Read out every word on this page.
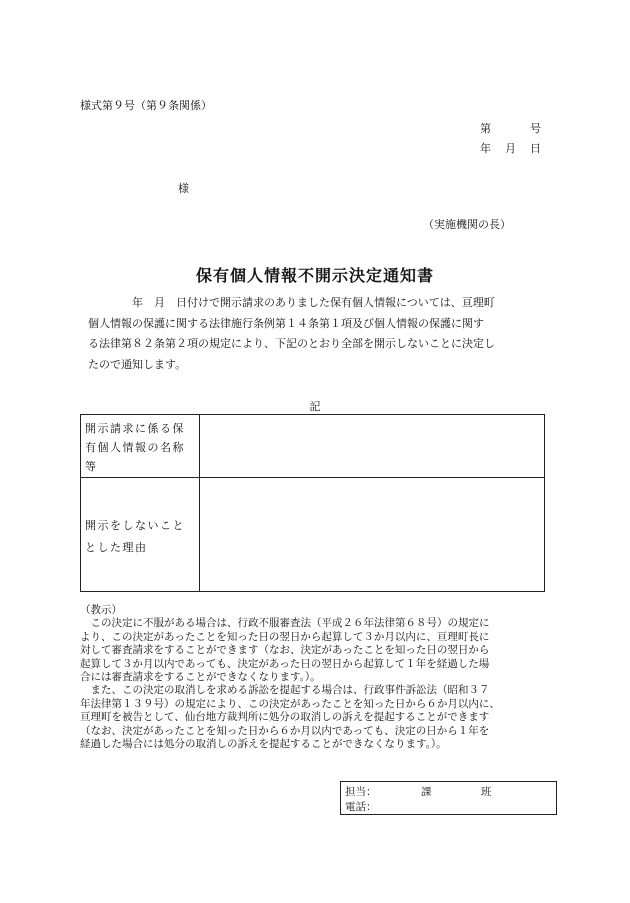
様式第９号（第９条関係）
第	号
年 月 日
様
（実施機関の長）
保有個人情報不開示決定通知書
　　　　年　月　日付けで開示請求のありました保有個人情報については、亘理町
個人情報の保護に関する法律施行条例第１４条第１項及び個人情報の保護に関す
る法律第８２条第２項の規定により、下記のとおり全部を開示しないことに決定し
たので通知します。
記
開示請求に係る保有個人情報の名称等
開示をしないこととした理由
（教示）
　この決定に不服がある場合は、行政不服審査法（平成２６年法律第６８号）の規定に
より、この決定があったことを知った日の翌日から起算して３か月以内に、亘理町長に
対して審査請求をすることができます（なお、決定があったことを知った日の翌日から
起算して３か月以内であっても、決定があった日の翌日から起算して１年を経過した場
合には審査請求をすることができなくなります。）。
　また、この決定の取消しを求める訴訟を提起する場合は、行政事件訴訟法（昭和３７
年法律第１３９号）の規定により、この決定があったことを知った日から６か月以内に、
亘理町を被告として、仙台地方裁判所に処分の取消しの訴えを提起することができます
（なお、決定があったことを知った日から６か月以内であっても、決定の日から１年を
経過した場合には処分の取消しの訴えを提起することができなくなります。）。
担当：	課	班
電話：
